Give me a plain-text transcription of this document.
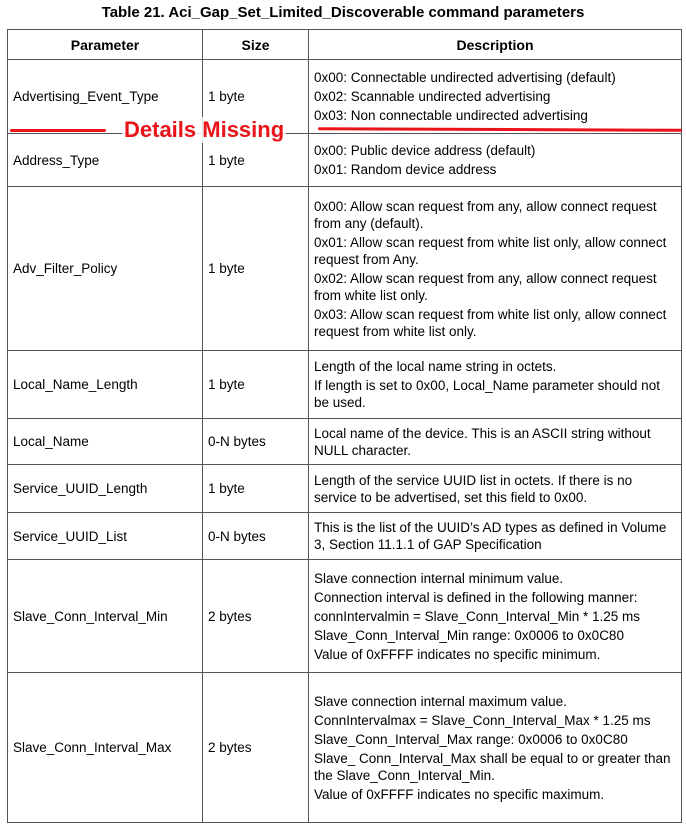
Table 21. Aci_Gap_Set_Limited_Discoverable command parameters
Parameter	Size	Description
Advertising_Event_Type	1 byte	0x00: Connectable undirected advertising (default)

0x02: Scannable undirected advertising

0x03: Non connectable undirected advertising

Address_Type	1 byte	0x00: Public device address (default)

0x01: Random device address

Adv_Filter_Policy	1 byte	0x00: Allow scan request from any, allow connect request from any (default).

0x01: Allow scan request from white list only, allow connect request from Any.

0x02: Allow scan request from any, allow connect request from white list only.

0x03: Allow scan request from white list only, allow connect request from white list only.

Local_Name_Length	1 byte	Length of the local name string in octets.

If length is set to 0x00, Local_Name parameter should not be used.

Local_Name	0-N bytes	Local name of the device. This is an ASCII string without NULL character.

Service_UUID_Length	1 byte	Length of the service UUID list in octets. If there is no service to be advertised, set this field to 0x00.

Service_UUID_List	0-N bytes	This is the list of the UUID’s AD types as defined in Volume 3, Section 11.1.1 of GAP Specification

Slave_Conn_Interval_Min	2 bytes	Slave connection internal minimum value.

Connection interval is defined in the following manner:

connIntervalmin = Slave_Conn_Interval_Min * 1.25 ms

Slave_Conn_Interval_Min range: 0x0006 to 0x0C80

Value of 0xFFFF indicates no specific minimum.

Slave_Conn_Interval_Max	2 bytes	Slave connection internal maximum value.

ConnIntervalmax = Slave_Conn_Interval_Max * 1.25 ms

Slave_Conn_Interval_Max range: 0x0006 to 0x0C80

Slave_ Conn_Interval_Max shall be equal to or greater than the Slave_Conn_Interval_Min.

Value of 0xFFFF indicates no specific maximum.

Details Missing
